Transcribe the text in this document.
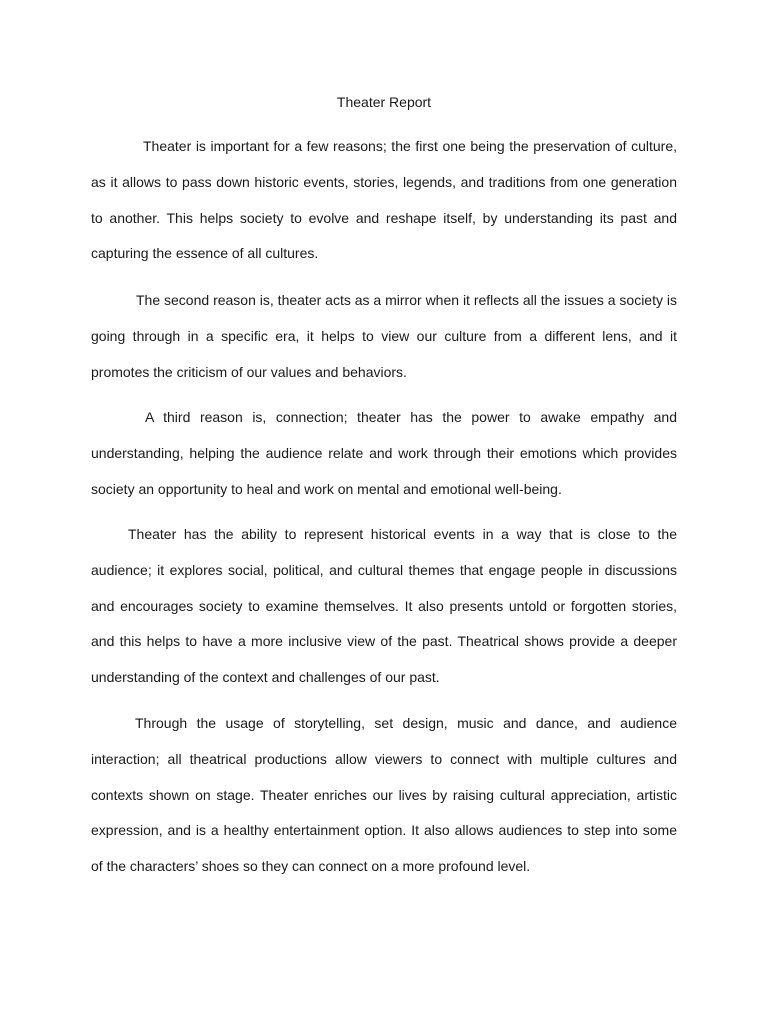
Theater Report

Theater is important for a few reasons; the first one being the preservation of culture, as it allows to pass down historic events, stories, legends, and traditions from one generation to another. This helps society to evolve and reshape itself, by understanding its past and capturing the essence of all cultures.

The second reason is, theater acts as a mirror when it reflects all the issues a society is going through in a specific era, it helps to view our culture from a different lens, and it promotes the criticism of our values and behaviors.

A third reason is, connection; theater has the power to awake empathy and understanding, helping the audience relate and work through their emotions which provides society an opportunity to heal and work on mental and emotional well-being.

Theater has the ability to represent historical events in a way that is close to the audience; it explores social, political, and cultural themes that engage people in discussions and encourages society to examine themselves. It also presents untold or forgotten stories, and this helps to have a more inclusive view of the past. Theatrical shows provide a deeper understanding of the context and challenges of our past.

Through the usage of storytelling, set design, music and dance, and audience interaction; all theatrical productions allow viewers to connect with multiple cultures and contexts shown on stage. Theater enriches our lives by raising cultural appreciation, artistic expression, and is a healthy entertainment option. It also allows audiences to step into some of the characters’ shoes so they can connect on a more profound level.
